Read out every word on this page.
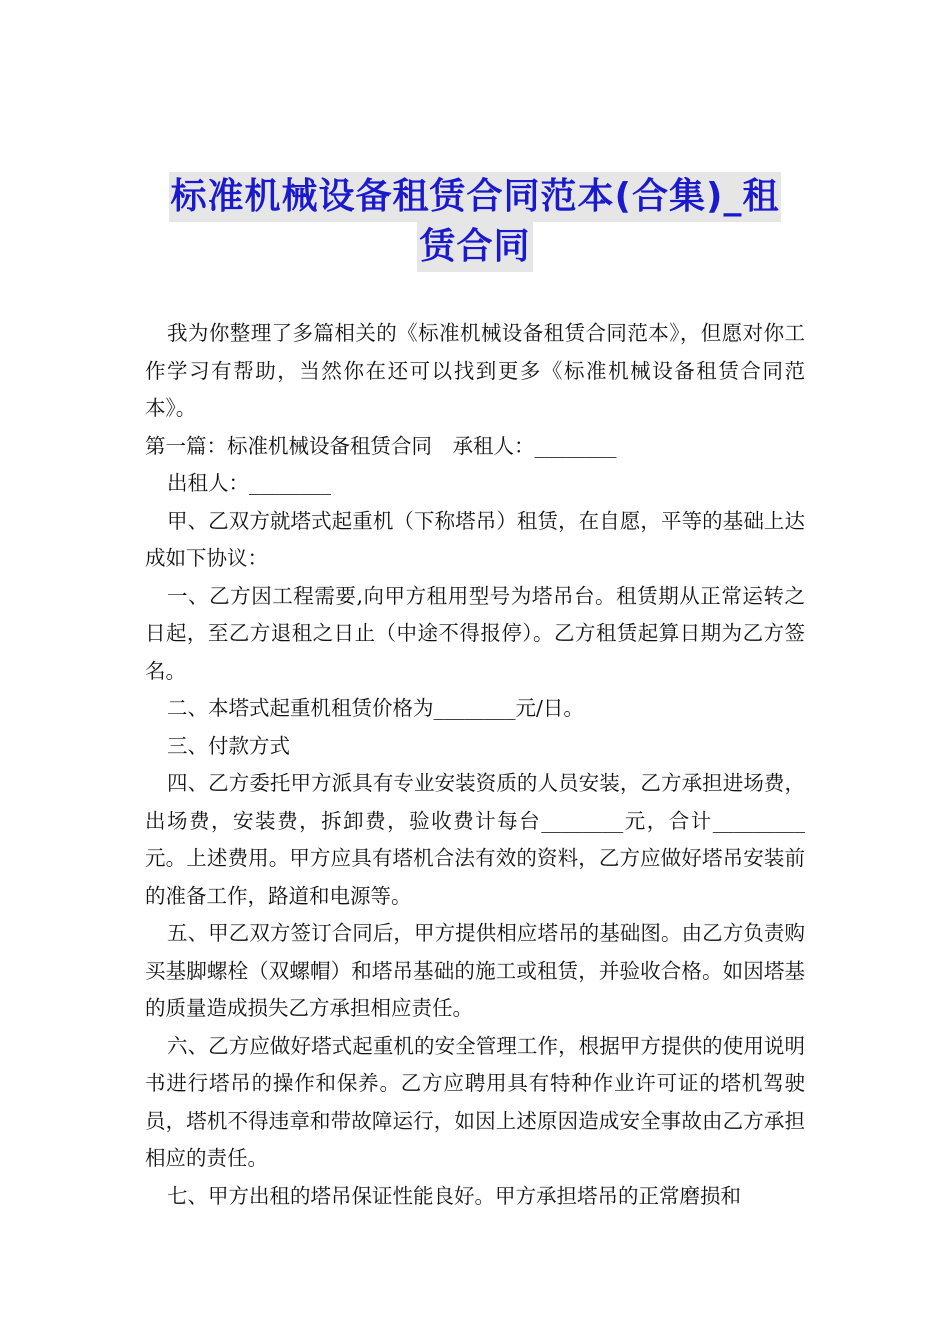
标准机械设备租赁合同范本(合集)_租
赁合同

我为你整理了多篇相关的《标准机械设备租赁合同范本》，但愿对你工作学习有帮助，当然你在还可以找到更多《标准机械设备租赁合同范本》。

第一篇：标准机械设备租赁合同　承租人：________

出租人：________

甲、乙双方就塔式起重机（下称塔吊）租赁，在自愿，平等的基础上达成如下协议：

一、乙方因工程需要,向甲方租用型号为塔吊台。租赁期从正常运转之日起，至乙方退租之日止（中途不得报停）。乙方租赁起算日期为乙方签名。

二、本塔式起重机租赁价格为________元/日。

三、付款方式

四、乙方委托甲方派具有专业安装资质的人员安装，乙方承担进场费，出场费，安装费，拆卸费，验收费计每台________元，合计_________元。上述费用。甲方应具有塔机合法有效的资料，乙方应做好塔吊安装前的准备工作，路道和电源等。

五、甲乙双方签订合同后，甲方提供相应塔吊的基础图。由乙方负责购买基脚螺栓（双螺帽）和塔吊基础的施工或租赁，并验收合格。如因塔基的质量造成损失乙方承担相应责任。

六、乙方应做好塔式起重机的安全管理工作，根据甲方提供的使用说明书进行塔吊的操作和保养。乙方应聘用具有特种作业许可证的塔机驾驶员，塔机不得违章和带故障运行，如因上述原因造成安全事故由乙方承担相应的责任。

七、甲方出租的塔吊保证性能良好。甲方承担塔吊的正常磨损和
